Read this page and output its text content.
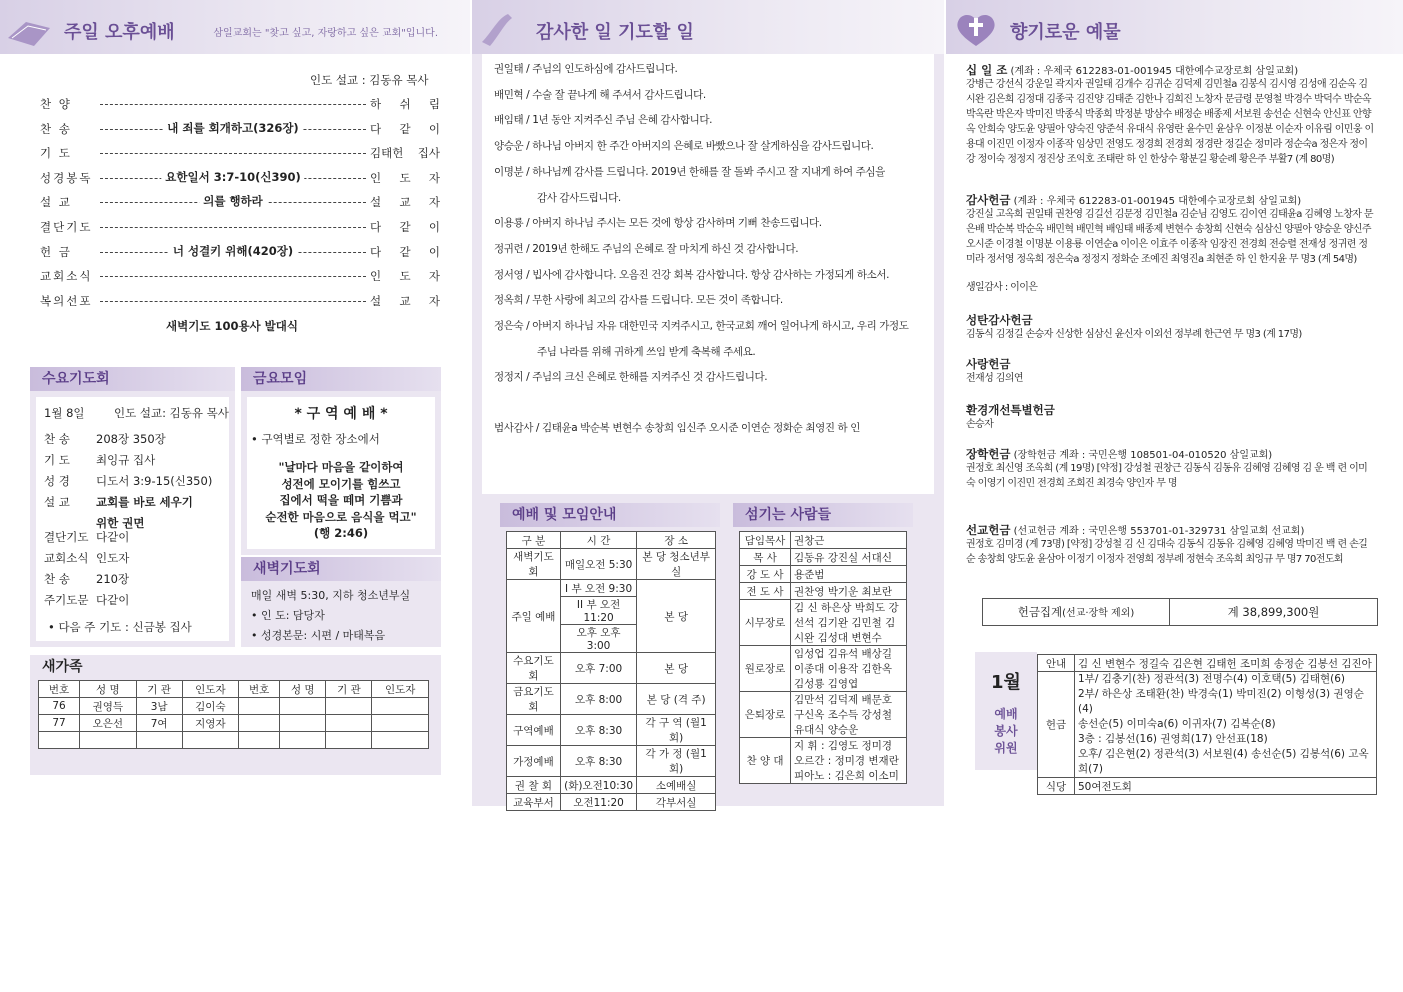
주일 오후예배	삼일교회는 "찾고 싶고, 자랑하고 싶은 교회"입니다.
인도 설교 : 김동유 목사
찬 양	하 쉬 림
찬 송	내 죄를 회개하고(326장)	다 같 이
기 도	김태헌 집사
성경봉독	요한일서 3:7-10(신390)	인 도 자
설 교	의를 행하라	설 교 자
결단기도	다 같 이
헌 금	너 성결키 위해(420장)	다 같 이
교회소식	인 도 자
복의선포	설 교 자
새벽기도 100용사 발대식
수요기도회
1월 8일	인도 설교: 김동유 목사
찬 송 208장 350장
기 도 최잉규 집사
성 경 디도서 3:9-15(신350)
설 교 교회를 바로 세우기
위한 권면
결단기도 다같이
교회소식 인도자
찬 송 210장
주기도문 다같이
• 다음 주 기도 : 신금봉 집사
금요모임
* 구 역 예 배 *
• 구역별로 정한 장소에서
"날마다 마음을 같이하여
성전에 모이기를 힘쓰고
집에서 떡을 떼며 기쁨과
순전한 마음으로 음식을 먹고"
(행 2:46)
새벽기도회
매일 새벽 5:30, 지하 청소년부실
• 인 도: 담당자
• 성경본문: 시편 / 마태복음
새가족
번호	성 명	기 관	인도자	번호	성 명	기 관	인도자
76	권영득	3남	김이숙				
77	오은선	7여	지영자				

감사한 일 기도할 일
권일태 / 주님의 인도하심에 감사드립니다.
배민혁 / 수술 잘 끝나게 해 주셔서 감사드립니다.
배임태 / 1년 동안 지켜주신 주님 은혜 감사합니다.
양승운 / 하나님 아버지 한 주간 아버지의 은혜로 바빴으나 잘 살게하심을 감사드립니다.
이명분 / 하나님께 감사를 드립니다. 2019년 한해를 잘 돌봐 주시고 잘 지내게 하여 주심을
감사 감사드립니다.
이용룡 / 아버지 하나님 주시는 모든 것에 항상 감사하며 기뻐 찬송드립니다.
정귀련 / 2019년 한해도 주님의 은혜로 잘 마치게 하신 것 감사합니다.
정서영 / 빕사에 감사합니다. 오음진 건강 회복 감사합니다. 항상 감사하는 가정되게 하소서.
정옥희 / 무한 사랑에 최고의 감사를 드립니다. 모든 것이 족합니다.
정은숙 / 아버지 하나님 자유 대한민국 지켜주시고, 한국교회 깨어 일어나게 하시고, 우리 가정도
주님 나라를 위해 귀하게 쓰임 받게 축복해 주세요.
정정지 / 주님의 크신 은혜로 한해를 지켜주신 것 감사드립니다.
범사감사 / 김태윤a 박순복 변현수 송창희 임신주 오시준 이연순 정화순 최영진 하 인
예배 및 모임안내
구 분	시 간	장 소
새벽기도회	매일오전 5:30	본 당 청소년부실
주일 예배	I 부 오전 9:30	본 당
	II 부 오전11:20	
	오후 오후 3:00	
수요기도회	오후 7:00	본 당
금요기도회	오후 8:00	본 당 (격 주)
구역예배	오후 8:30	각 구 역 (월1회)
가정예배	오후 8:30	각 가 정 (월1회)
권 찰 회	(화)오전10:30	소예배실
교육부서	오전11:20	각부서실
섬기는 사람들
담임목사	권창근
목 사	김동유 강진실 서대신
강 도 사	용준범
전 도 사	권찬영 박기운 최보란
시무장로	김 신 하은상 박희도 강선석 김기완 김민철 김시완 김성대 변현수
원로장로	임성업 김유석 배상길 이종대 이용작 김한옥 김성룡 김영엽
은퇴장로	김만석 김덕제 배문호 구신옥 조수득 강성철 유대식 양승운
찬 양 대	지 휘 : 김영도 정미경 오르간 : 정미경 변재란 피아노 : 김은희 이소미
향기로운 예물
십 일 조 (계좌 : 우체국 612283-01-001945 대한예수교장로회 삼일교회)
강병근 강선식 강운일 곽지자 권일태 김개수 김귀순 김덕제 김민철a 김봉식 김시영 김성애 김순옥 김시완 김은희 김정대 김종국 김진양 김태준 김한나 김희진 노창자 문금령 문영철 박경수 박덕수 박순옥 박옥란 박은자 박미진 박종식 박종희 박정분 방삼수 배정순 배종제 서보원 송선순 신현숙 안신표 안향옥 안희숙 양도윤 양필아 양숙진 양준석 유대식 유영란 윤수민 윤삼우 이정분 이순자 이유림 이민웅 이용대 이진민 이정자 이종작 임상민 전영도 정경희 전경희 정경란 정길순 정미라 정순숙a 정은자 정이강 정이숙 정정지 정진상 조익호 조태란 하 인 한상수 황분길 황순례 황은주 부활7 (계 80명)
감사헌금 (계좌 : 우체국 612283-01-001945 대한예수교장로회 삼일교회)
강진실 고옥희 권일태 권찬영 김길선 김문정 김민철a 김순님 김영도 김이연 김태윤a 김혜영 노창자 문은배 박순복 박순옥 배민혁 배민혁 배임태 배종제 변현수 송창희 신현숙 심삼신 양필아 양승운 양신주 오시준 이경철 이명분 이용룡 이연순a 이이은 이효주 이종작 임장진 전경희 전승렬 전재성 정귀련 정미라 정서영 정옥희 정은숙a 정정지 정화순 조예진 최영진a 최현준 하 인 한지윤 무 명3 (계 54명)
생일감사 : 이이은
성탄감사헌금
김동식 김정길 손승자 신상한 심삼신 윤신자 이외선 정부례 한근연 무 명3 (계 17명)
사랑헌금
전재성 김의연
환경개선특별헌금
손승자
장학헌금 (장학헌금 계좌 : 국민은행 108501-04-010520 삼일교회)
권정호 최신영 조옥희 (계 19명) [약정] 강성철 권창근 김동식 김동유 김혜영 김혜영 김 운 백 련 이미숙 이영기 이진민 전경희 조희진 최경숙 양인자 무 명
선교헌금 (선교헌금 계좌 : 국민은행 553701-01-329731 삼일교회 선교회)
권정호 김미경 (계 73명) [약정] 강성철 김 신 김대숙 김동식 김동유 김혜영 김혜영 박미진 백 련 손길순 송창희 양도윤 윤삼아 이정기 이정자 전영희 정부례 정현숙 조옥희 최잉규 무 명7 70전도회
헌금집계(선교·장학 제외)	계 38,899,300원
1월
예배 봉사 위원
안내	김 신 변현수 정길숙 김은현 김태헌 조미희 송정순 김봉선 김진아
헌금	1부/ 김충기(찬) 정관석(3) 전명수(4) 이호택(5) 김태현(6)
2부/ 하은상 조태환(찬) 박경숙(1) 박미진(2) 이형성(3) 권영순(4)
송선순(5) 이미숙a(6) 이귀자(7) 김복순(8)
3층 : 김봉선(16) 권영희(17) 안선표(18)
오후/ 김은현(2) 정관석(3) 서보원(4) 송선순(5) 김봉석(6) 고옥희(7)

식당	50여전도회
